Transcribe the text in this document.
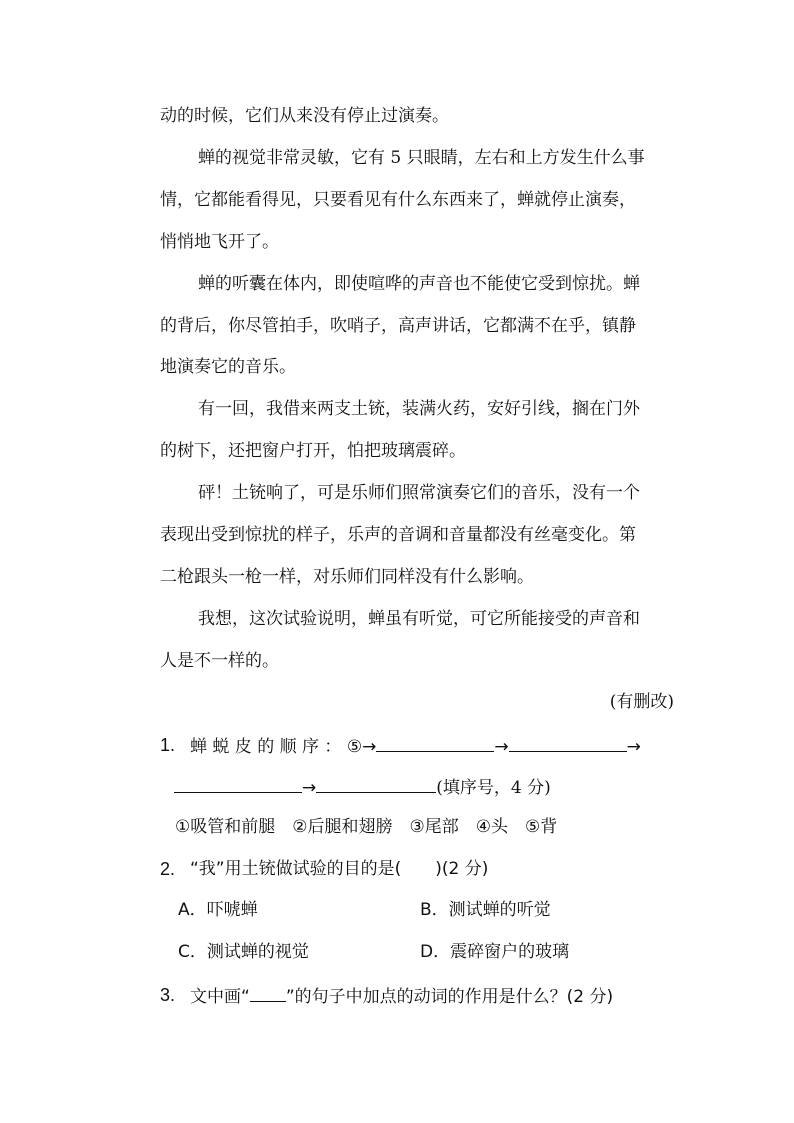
动的时候，它们从来没有停止过演奏。
蝉的视觉非常灵敏，它有 5 只眼睛，左右和上方发生什么事
情，它都能看得见，只要看见有什么东西来了，蝉就停止演奏，
悄悄地飞开了。
蝉的听囊在体内，即使喧哗的声音也不能使它受到惊扰。蝉
的背后，你尽管拍手，吹哨子，高声讲话，它都满不在乎，镇静
地演奏它的音乐。
有一回，我借来两支土铳，装满火药，安好引线，搁在门外
的树下，还把窗户打开，怕把玻璃震碎。
砰！土铳响了，可是乐师们照常演奏它们的音乐，没有一个
表现出受到惊扰的样子，乐声的音调和音量都没有丝毫变化。第
二枪跟头一枪一样，对乐师们同样没有什么影响。
我想，这次试验说明，蝉虽有听觉，可它所能接受的声音和
人是不一样的。
(有删改)
1. 蝉 蜕 皮 的 顺 序 ： ⑤→	→	→
→	(填序号，4 分)
①吸管和前腿　②后腿和翅膀　③尾部　④头　⑤背
2. “我”用土铳做试验的目的是(　　)(2 分)
A．吓唬蝉	B．测试蝉的听觉
C．测试蝉的视觉	D．震碎窗户的玻璃
3. 文中画“ ”的句子中加点的动词的作用是什么？(2 分)
